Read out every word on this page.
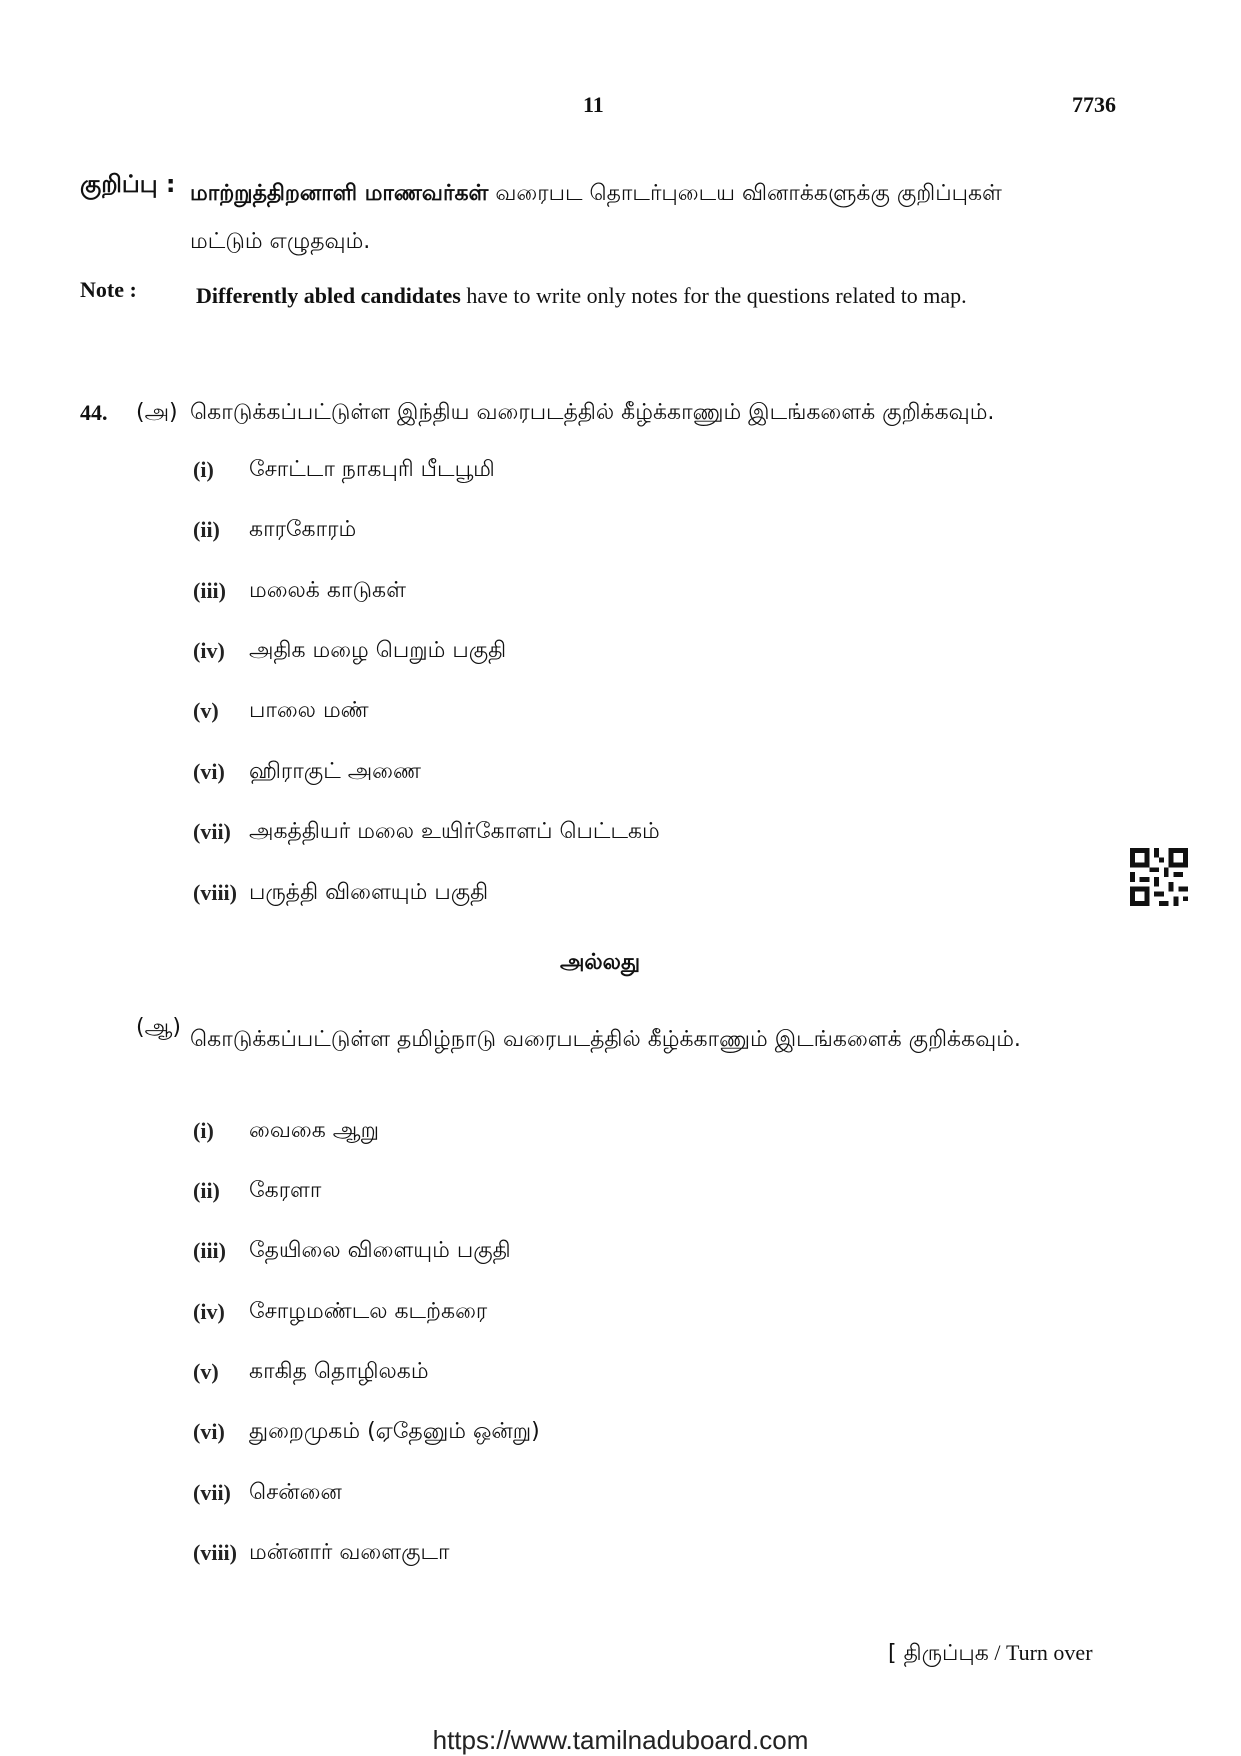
11	7736
குறிப்பு : மாற்றுத்திறனாளி மாணவர்கள் வரைபட தொடர்புடைய வினாக்களுக்கு குறிப்புகள் மட்டும் எழுதவும்.
Note :	Differently abled candidates have to write only notes for the questions related to map.
44. (அ) கொடுக்கப்பட்டுள்ள இந்திய வரைபடத்தில் கீழ்க்காணும் இடங்களைக் குறிக்கவும்.
(i) சோட்டா நாகபுரி பீடபூமி
(ii) காரகோரம்
(iii) மலைக் காடுகள்
(iv) அதிக மழை பெறும் பகுதி
(v) பாலை மண்
(vi) ஹிராகுட் அணை
(vii) அகத்தியர் மலை உயிர்கோளப் பெட்டகம்
(viii) பருத்தி விளையும் பகுதி
அல்லது
(ஆ) கொடுக்கப்பட்டுள்ள தமிழ்நாடு வரைபடத்தில் கீழ்க்காணும் இடங்களைக் குறிக்கவும்.
(i) வைகை ஆறு
(ii) கேரளா
(iii) தேயிலை விளையும் பகுதி
(iv) சோழமண்டல கடற்கரை
(v) காகித தொழிலகம்
(vi) துறைமுகம் (ஏதேனும் ஒன்று)
(vii) சென்னை
(viii) மன்னார் வளைகுடா
[ திருப்புக / Turn over
https://www.tamilnaduboard.com
